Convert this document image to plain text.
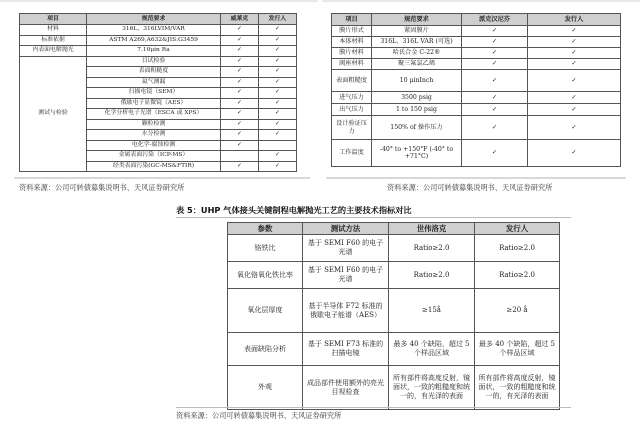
项目	规范要求	威莱克	发行人
材料	316L、316LVIM/VAR	✓	✓
标准依据	ASTM A269,A632&JIS:G3459	✓	✓
内表面电解抛光	7.10μin Ra	✓	✓
测试与检验	目试检验	✓	✓
	表面粗糙度	✓	✓
	氦气测漏	✓	✓
	扫描电镜（SEM）	✓	✓
	俄歇电子显微镜（AES）	✓	✓
	化学分析电子光谱（ESCA 或 XPS）	✓	✓
	颗粒检测	✓	✓
	水分检测	✓	✓
	电化学-腐蚀检测	✓	
	金属表面污染（ICP-MS）		✓
	经类表面污染(GC-MS&FTIR)	✓	✓
资料来源：公司可转债募集说明书、天风证券研究所
项目	规范要求	派克汉尼芬	发行人
膜片形式	紧固膜片	✓	✓
本体材料	316L、316L VAR (可选)	✓	✓
膜片材料	哈氏合金 C-22®	✓	✓
阀座材料	聚三氟氯乙烯	✓	✓
表面粗糙度	10 μinInch	✓	✓
进气压力	3500 psig	✓	✓
出气压力	1 to 150 psig	✓	✓
设计验证压力	150% of 操作压力	✓	✓
工作温度	-40° to +150°F (-40° to +71°C)	✓	✓
资料来源：公司可转债募集说明书、天风证券研究所
表 5：UHP 气体接头关键制程电解抛光工艺的主要技术指标对比
参数	测试方法	世伟洛克	发行人
铬铁比	基于 SEMI F60 的电子光谱	Ratio≥2.0	Ratio≥2.0
氧化铬氧化铁比率	基于 SEMI F60 的电子光谱	Ratio≥2.0	Ratio≥2.0
氧化层厚度	基于半导体 F72 标准的俄歇电子能谱（AES）	≥15å	≥20 å
表面缺陷分析	基于 SEMI F73 标准的扫描电镜	最多 40 个缺陷，超过 5 个样品区域	最多 40 个缺陷，超过 5 个样品区域
外观	成品部件使用额外的亮光目视检查	所有部件将高度反射，镜面状，一致的粗糙度和统一的，有光泽的表面	所有部件将高度反射，镜面状，一致的粗糙度和统一的，有光泽的表面
资料来源：公司可转债募集说明书、天风证券研究所
